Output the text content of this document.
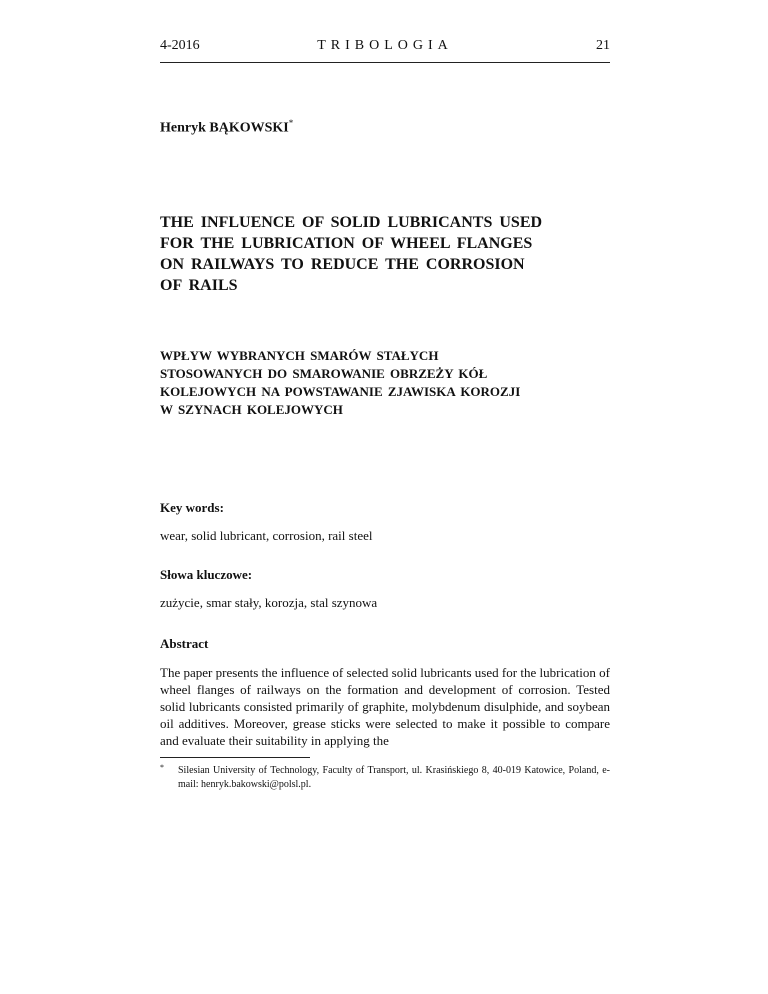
4-2016	TRIBOLOGIA	21
Henryk BĄKOWSKI*
THE INFLUENCE OF SOLID LUBRICANTS USED
FOR THE LUBRICATION OF WHEEL FLANGES
ON RAILWAYS TO REDUCE THE CORROSION
OF RAILS
WPŁYW WYBRANYCH SMARÓW STAŁYCH
STOSOWANYCH DO SMAROWANIE OBRZEŻY KÓŁ
KOLEJOWYCH NA POWSTAWANIE ZJAWISKA KOROZJI
W SZYNACH KOLEJOWYCH
Key words:
wear, solid lubricant, corrosion, rail steel
Słowa kluczowe:
zużycie, smar stały, korozja, stal szynowa
Abstract
The paper presents the influence of selected solid lubricants used for the lubrication of wheel flanges of railways on the formation and development of corrosion. Tested solid lubricants consisted primarily of graphite, molybdenum disulphide, and soybean oil additives. Moreover, grease sticks were selected to make it possible to compare and evaluate their suitability in applying the
* Silesian University of Technology, Faculty of Transport, ul. Krasińskiego 8, 40-019 Katowice, Poland, e-mail: henryk.bakowski@polsl.pl.
